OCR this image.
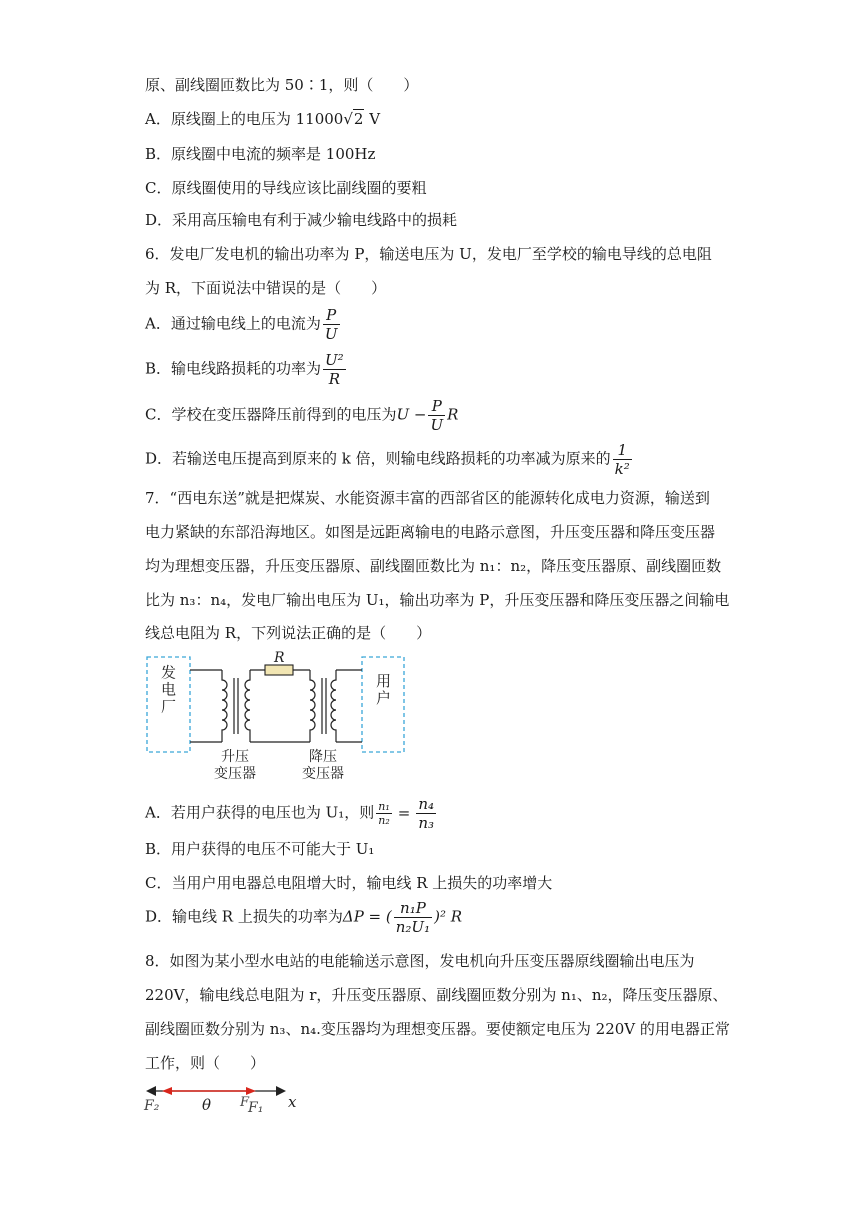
原、副线圈匝数比为 50∶1，则（　　）
A．原线圈上的电压为 11000√2 V
B．原线圈中电流的频率是 100Hz
C．原线圈使用的导线应该比副线圈的要粗
D．采用高压输电有利于减少输电线路中的损耗
6．发电厂发电机的输出功率为 P，输送电压为 U，发电厂至学校的输电导线的总电阻
为 R，下面说法中错误的是（　　）
A．通过输电线上的电流为 $\frac{P}{U}$
B．输电线路损耗的功率为 $\frac{\text{U²}}{R}$
C．学校在变压器降压前得到的电压为$U - \frac{P}{U}$ R
D．若输送电压提高到原来的 k 倍，则输电线路损耗的功率减为原来的 $\frac{1}{\text{k²}}$
7．“西电东送”就是把煤炭、水能资源丰富的西部省区的能源转化成电力资源，输送到
电力紧缺的东部沿海地区。如图是远距离输电的电路示意图，升压变压器和降压变压器
均为理想变压器，升压变压器原、副线圈匝数比为 n₁：n₂，降压变压器原、副线圈匝数
比为 n₃：n₄，发电厂输出电压为 U₁，输出功率为 P，升压变压器和降压变压器之间输电
线总电阻为 R，下列说法正确的是（　　）
R
发电厂	用户
升压
变压器
降压
变压器
A．若用户获得的电压也为 U₁，则 $\frac{\text{n₁}}{\text{n₂}} = \frac{\text{n₄}}{\text{n₃}}$
B．用户获得的电压不可能大于 U₁
C．当用户用电器总电阻增大时，输电线 R 上损失的功率增大
D．输电线 R 上损失的功率为ΔP = ( $\frac{\text{n₁P}}{\text{n₂U₁}} )^2$ R
8．如图为某小型水电站的电能输送示意图，发电机向升压变压器原线圈输出电压为
220V，输电线总电阻为 r，升压变压器原、副线圈匝数分别为 n₁、n₂，降压变压器原、
副线圈匝数分别为 n₃、n₄.变压器均为理想变压器。要使额定电压为 220V 的用电器正常
工作，则（　　）
F₂	θ F
F₁ x
